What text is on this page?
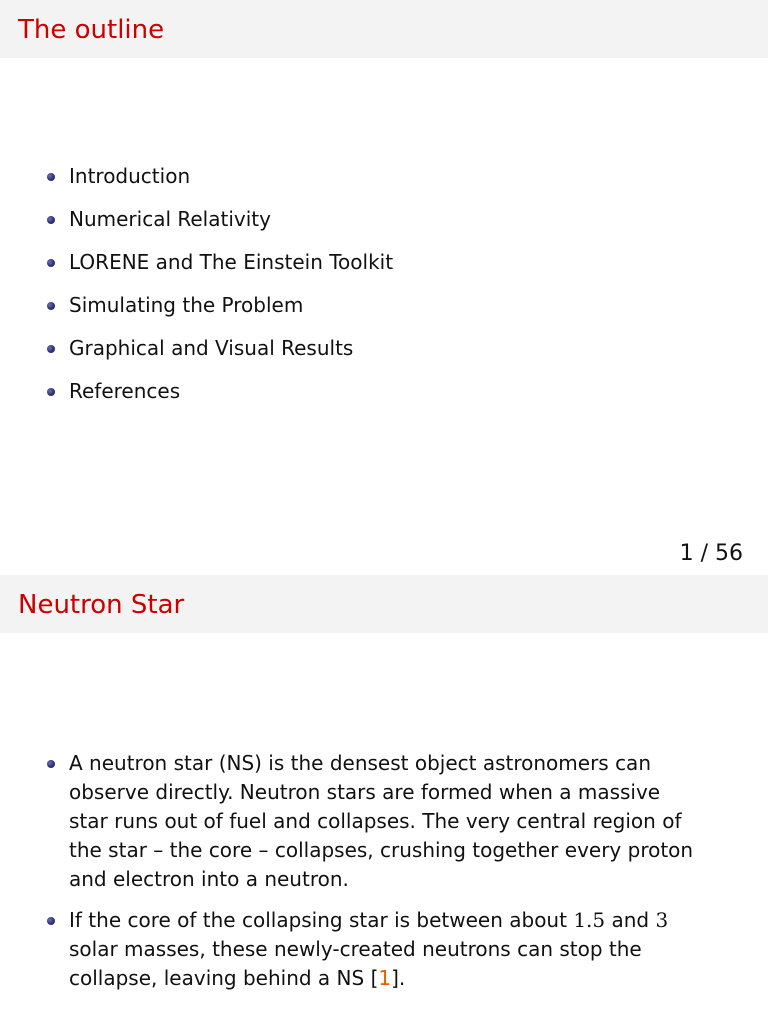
The outline
Introduction
Numerical Relativity
LORENE and The Einstein Toolkit
Simulating the Problem
Graphical and Visual Results
References
1 / 56
Neutron Star
A neutron star (NS) is the densest object astronomers can observe directly. Neutron stars are formed when a massive star runs out of fuel and collapses. The very central region of the star – the core – collapses, crushing together every proton and electron into a neutron.
If the core of the collapsing star is between about 1.5 and 3 solar masses, these newly-created neutrons can stop the collapse, leaving behind a NS [1].
